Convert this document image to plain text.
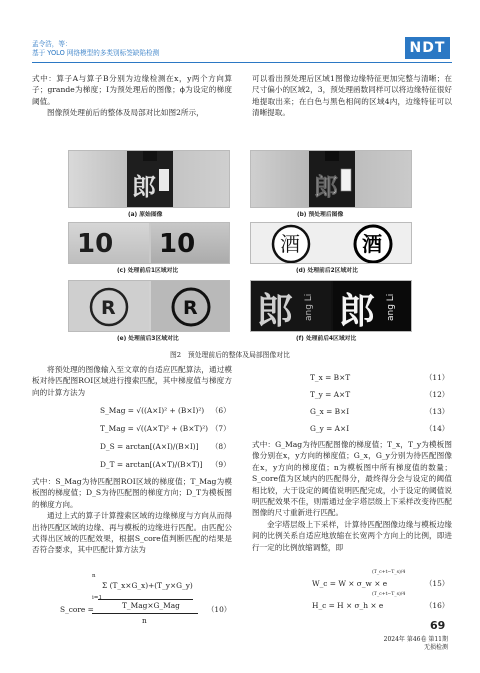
孟令浩，等：
基于 YOLO 网络模型的多类别标签缺陷检测	NDT

式中：算子A与算子B分别为边缘检测在x，y两个方向算子；grande为梯度；I为预处理后的图像；ϕ为设定的梯度阈值。

图像预处理前后的整体及局部对比如图2所示，

可以看出预处理后区域1图像边缘特征更加完整与清晰；在尺寸偏小的区域2，3，预处理函数同样可以将边缘特征很好地提取出来；在白色与黑色相间的区域4内，边缘特征可以清晰提取。

郎
(a) 原始图像
郎
(b) 预处理后图像
10 10
(c) 处理前后1区域对比
酒	酒
(d) 处理前后2区域对比
R	R
(e) 处理前后3区域对比
郎 郎
ang Li	ang Li
(f) 处理前后4区域对比
图2　预处理前后的整体及局部图像对比

将预处理的图像输入至文章的自适应匹配算法，通过模板对待匹配图ROI区域进行搜索匹配，其中梯度值与梯度方向的计算方法为

S_Mag = √((A×I)² + (B×I)²) （6）
T_Mag = √((A×T)² + (B×T)²) （7）
D_S = arctan[(A×I)/(B×I)] （8）
D_T = arctan[(A×T)/(B×T)] （9）

式中：S_Mag为待匹配图ROI区域的梯度值；T_Mag为模板图的梯度值；D_S为待匹配图的梯度方向；D_T为模板图的梯度方向。

通过上式的算子计算搜索区域的边缘梯度与方向从而得出待匹配区域的边缘、再与模板的边缘进行匹配。由匹配公式得出区域的匹配效果，根据S_core值判断匹配的结果是否符合要求，其中匹配计算方法为

S_core =
n
Σ (T_x×G_x)+(T_y×G_y)
i=1
T_Mag×G_Mag
n
（10）
T_x = B×T	（11）
T_y = A×T	（12）
G_x = B×I	（13）
G_y = A×I	（14）

式中：G_Mag为待匹配图像的梯度值；T_x，T_y为模板图像分别在x，y方向的梯度值；G_x，G_y分别为待匹配图像在x，y方向的梯度值；n为模板图中所有梯度值的数量；S_core值为区域内的匹配得分，最终得分会与设定的阈值相比较，大于设定的阈值说明匹配完成，小于设定的阈值说明匹配效果不佳，则需通过金字塔层级上下采样改变待匹配图像的尺寸重新进行匹配。

金字塔层级上下采样，计算待匹配图像边缘与模板边缘间的比例关系自适应地放缩在长宽两个方向上的比例，即进行一定的比例放缩调整，即

W_c = W × σ_w × e
(T_c+t−T_s)/4
（15）
H_c = H × σ_h × e
(T_c+t−T_s)/4
（16）
69
2024年 第46卷 第11期
无损检测
